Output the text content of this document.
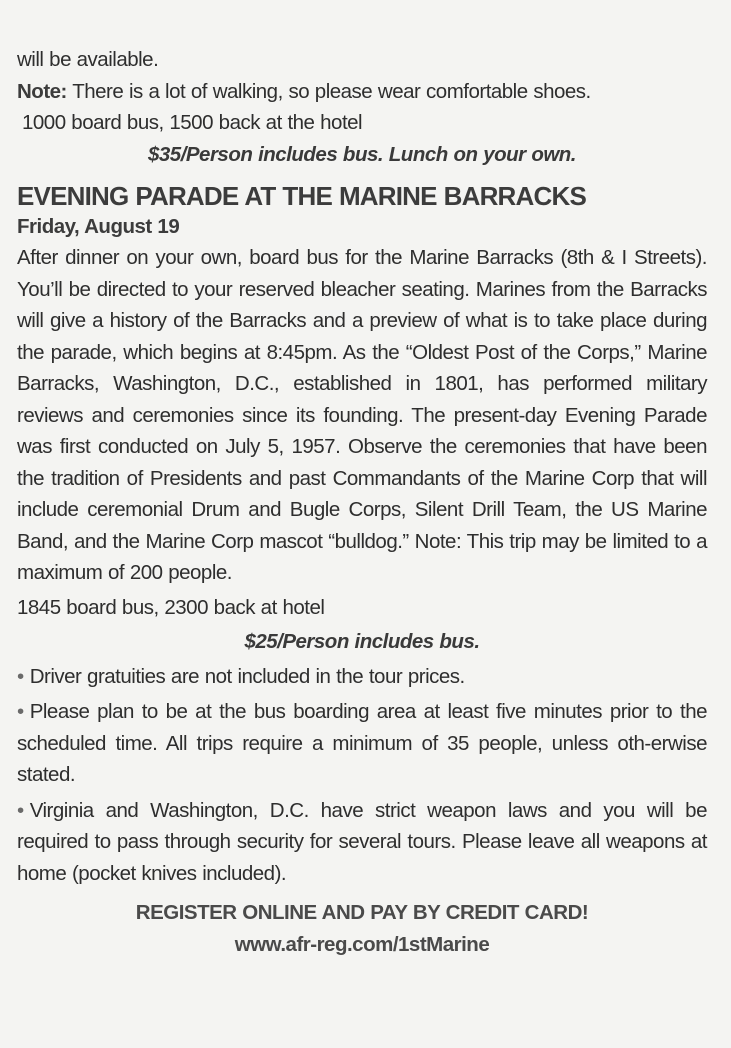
will be available.

Note: There is a lot of walking, so please wear comfortable shoes.

1000 board bus, 1500 back at the hotel

$35/Person includes bus. Lunch on your own.

EVENING PARADE AT THE MARINE BARRACKS

Friday, August 19

After dinner on your own, board bus for the Marine Barracks (8th & I Streets). You’ll be directed to your reserved bleacher seating. Marines from the Barracks will give a history of the Barracks and a preview of what is to take place during the parade, which begins at 8:45pm. As the “Oldest Post of the Corps,” Marine Barracks, Washington, D.C., established in 1801, has performed military reviews and ceremonies since its founding. The present-day Evening Parade was first conducted on July 5, 1957. Observe the ceremonies that have been the tradition of Presidents and past Commandants of the Marine Corp that will include ceremonial Drum and Bugle Corps, Silent Drill Team, the US Marine Band, and the Marine Corp mascot “bulldog.” Note: This trip may be limited to a maximum of 200 people.

1845 board bus, 2300 back at hotel

$25/Person includes bus.

• Driver gratuities are not included in the tour prices.

• Please plan to be at the bus boarding area at least five minutes prior to the scheduled time. All trips require a minimum of 35 people, unless oth-erwise stated.

• Virginia and Washington, D.C. have strict weapon laws and you will be required to pass through security for several tours. Please leave all weapons at home (pocket knives included).

REGISTER ONLINE AND PAY BY CREDIT CARD!

www.afr-reg.com/1stMarine
